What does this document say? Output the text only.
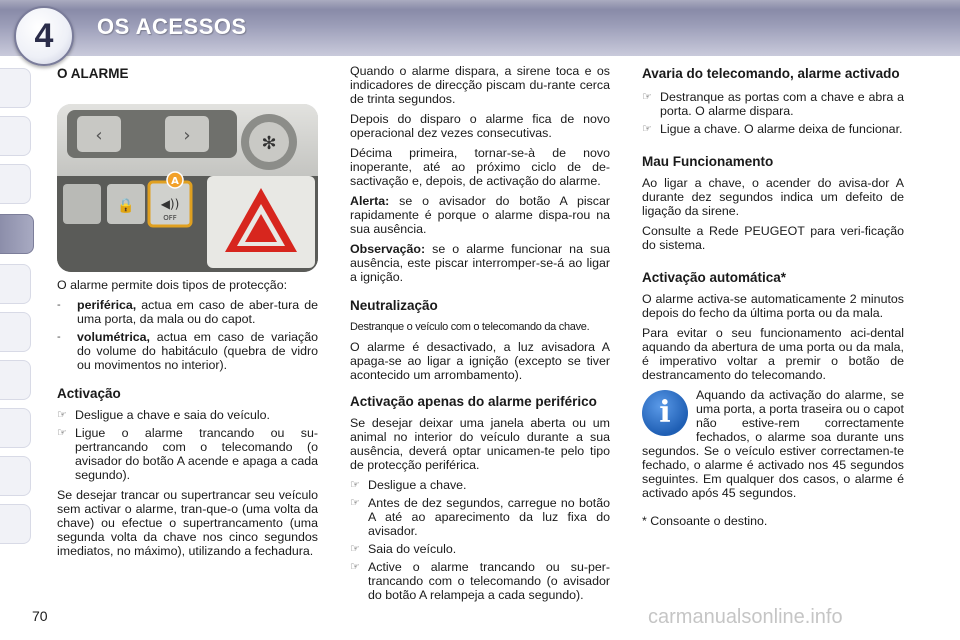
4	OS ACESSOS
O ALARME
‹	›	✻
🔒 ◀))
OFF
A

O alarme permite dois tipos de protecção:

- periférica, actua em caso de aber-tura de uma porta, da mala ou do capot.
- volumétrica, actua em caso de variação do volume do habitáculo (quebra de vidro ou movimentos no interior).
Activação
☞ Desligue a chave e saia do veículo.
☞ Ligue o alarme trancando ou su-pertrancando com o telecomando (o avisador do botão A acende e apaga a cada segundo).

Se desejar trancar ou supertrancar seu veículo sem activar o alarme, tran-que-o (uma volta da chave) ou efectue o supertrancamento (uma segunda volta da chave nos cinco segundos imediatos, no máximo), utilizando a fechadura.

Quando o alarme dispara, a sirene toca e os indicadores de direcção piscam du-rante cerca de trinta segundos.

Depois do disparo o alarme fica de novo operacional dez vezes consecutivas.

Décima primeira, tornar-se-à de novo inoperante, até ao próximo ciclo de de-sactivação e, depois, de activação do alarme.

Alerta: se o avisador do botão A piscar rapidamente é porque o alarme dispa-rou na sua ausência.

Observação: se o alarme funcionar na sua ausência, este piscar interromper-se-á ao ligar a ignição.

Neutralização

Destranque o veículo com o telecomando da chave.

O alarme é desactivado, a luz avisadora A apaga-se ao ligar a ignição (excepto se tiver acontecido um arrombamento).

Activação apenas do alarme periférico

Se desejar deixar uma janela aberta ou um animal no interior do veículo durante a sua ausência, deverá optar unicamen-te pelo tipo de protecção periférica.

☞ Desligue a chave.
☞ Antes de dez segundos, carregue no botão A até ao aparecimento da luz fixa do avisador.
☞ Saia do veículo.
☞ Active o alarme trancando ou su-per-trancando com o telecomando (o avisador do botão A relampeja a cada segundo).
Avaria do telecomando, alarme activado
☞ Destranque as portas com a chave e abra a porta. O alarme dispara.
☞ Ligue a chave. O alarme deixa de funcionar.
Mau Funcionamento

Ao ligar a chave, o acender do avisa-dor A durante dez segundos indica um defeito de ligação da sirene.

Consulte a Rede PEUGEOT para veri-ficação do sistema.

Activação automática*

O alarme activa-se automaticamente 2 minutos depois do fecho da última porta ou da mala.

Para evitar o seu funcionamento aci-dental aquando da abertura de uma porta ou da mala, é imperativo voltar a premir o botão de destrancamento do telecomando.

i	Aquando da activação do alarme, se uma porta, a porta traseira ou o capot não estive-rem correctamente fechados, o alarme soa durante uns segundos. Se o veículo estiver correctamen-te fechado, o alarme é activado nos 45 segundos seguintes. Em qualquer dos casos, o alarme é activado após 45 segundos.

* Consoante o destino.

70	carmanualsonline.info
